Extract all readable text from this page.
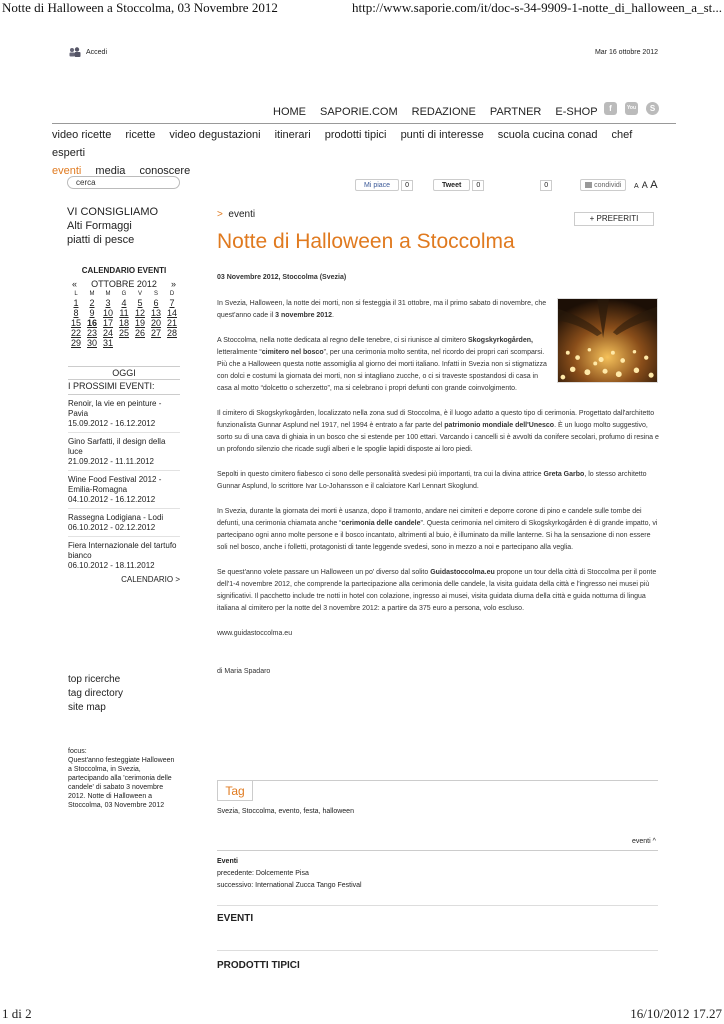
Notte di Halloween a Stoccolma, 03 Novembre 2012	http://www.saporie.com/it/doc-s-34-9909-1-notte_di_halloween_a_st...
1 di 2	16/10/2012 17.27
Accedi	Mar 16 ottobre 2012
HOME SAPORIE.COM REDAZIONE PARTNER E-SHOP	f	You	S
video ricette ricette video degustazioni itinerari prodotti tipici punti di interesse scuola cucina conad chef esperti
eventi media conoscere
cerca	Mi piace	0	Tweet	0	0	condividi	A A A
VI CONSIGLIAMO
Alti Formaggi
piatti di pesce
> eventi	+ PREFERITI
Notte di Halloween a Stoccolma
CALENDARIO EVENTI
« OTTOBRE 2012 »
L	M	M	G	V	S	D
1	2	3	4	5	6	7
8	9 10 11 12 13 14
15 16 17 18 19 20 21
22 23 24 25 26 27 28
29 30 31
OGGI
I PROSSIMI EVENTI:
Renoir, la vie en peinture - Pavia
15.09.2012 - 16.12.2012
Gino Sarfatti, il design della luce
21.09.2012 - 11.11.2012
Wine Food Festival 2012 - Emilia-Romagna
04.10.2012 - 16.12.2012
Rassegna Lodigiana - Lodi
06.10.2012 - 02.12.2012
Fiera Internazionale del tartufo bianco
06.10.2012 - 18.11.2012
CALENDARIO >
top ricerche
tag directory
site map
focus:
Quest'anno festeggiate Halloween a Stoccolma, in Svezia, partecipando alla 'cerimonia delle candele' di sabato 3 novembre 2012. Notte di Halloween a Stoccolma, 03 Novembre 2012
03 Novembre 2012, Stoccolma (Svezia)

In Svezia, Halloween, la notte dei morti, non si festeggia il 31 ottobre, ma il primo sabato di novembre, che quest'anno cade il 3 novembre 2012.

A Stoccolma, nella notte dedicata al regno delle tenebre, ci si riunisce al cimitero Skogskyrkogården, letteralmente “cimitero nel bosco”, per una cerimonia molto sentita, nel ricordo dei propri cari scomparsi. Più che a Halloween questa notte assomiglia al giorno dei morti italiano. Infatti in Svezia non si stigmatizza con dolci e costumi la giornata dei morti, non si intagliano zucche, o ci si traveste spostandosi di casa in casa al motto “dolcetto o scherzetto”, ma si celebrano i propri defunti con grande coinvolgimento.

Il cimitero di Skogskyrkogården, localizzato nella zona sud di Stoccolma, è il luogo adatto a questo tipo di cerimonia. Progettato dall'architetto funzionalista Gunnar Asplund nel 1917, nel 1994 è entrato a far parte del patrimonio mondiale dell'Unesco. È un luogo molto suggestivo, sorto su di una cava di ghiaia in un bosco che si estende per 100 ettari. Varcando i cancelli si è avvolti da conifere secolari, profumo di resina e un profondo silenzio che ricade sugli alberi e le spoglie lapidi disposte ai loro piedi.

Sepolti in questo cimitero fiabesco ci sono delle personalità svedesi più importanti, tra cui la divina attrice Greta Garbo, lo stesso architetto Gunnar Asplund, lo scrittore Ivar Lo-Johansson e il calciatore Karl Lennart Skoglund.

In Svezia, durante la giornata dei morti è usanza, dopo il tramonto, andare nei cimiteri e deporre corone di pino e candele sulle tombe dei defunti, una cerimonia chiamata anche “cerimonia delle candele”. Questa cerimonia nel cimitero di Skogskyrkogården è di grande impatto, vi partecipano ogni anno molte persone e il bosco incantato, altrimenti al buio, è illuminato da mille lanterne. Si ha la sensazione di non essere soli nel bosco, anche i folletti, protagonisti di tante leggende svedesi, sono in mezzo a noi e partecipano alla veglia.

Se quest'anno volete passare un Halloween un po' diverso dal solito Guidastoccolma.eu propone un tour della città di Stoccolma per il ponte dell'1-4 novembre 2012, che comprende la partecipazione alla cerimonia delle candele, la visita guidata della città e l'ingresso nei musei più significativi. Il pacchetto include tre notti in hotel con colazione, ingresso ai musei, visita guidata diurna della città e guida notturna di lingua italiana al cimitero per la notte del 3 novembre 2012: a partire da 375 euro a persona, volo escluso.

www.guidastoccolma.eu

di Maria Spadaro

Tag
Svezia, Stoccolma, evento, festa, halloween
eventi ^
Eventi
precedente: Dolcemente Pisa
successivo: International Zucca Tango Festival
EVENTI
PRODOTTI TIPICI
